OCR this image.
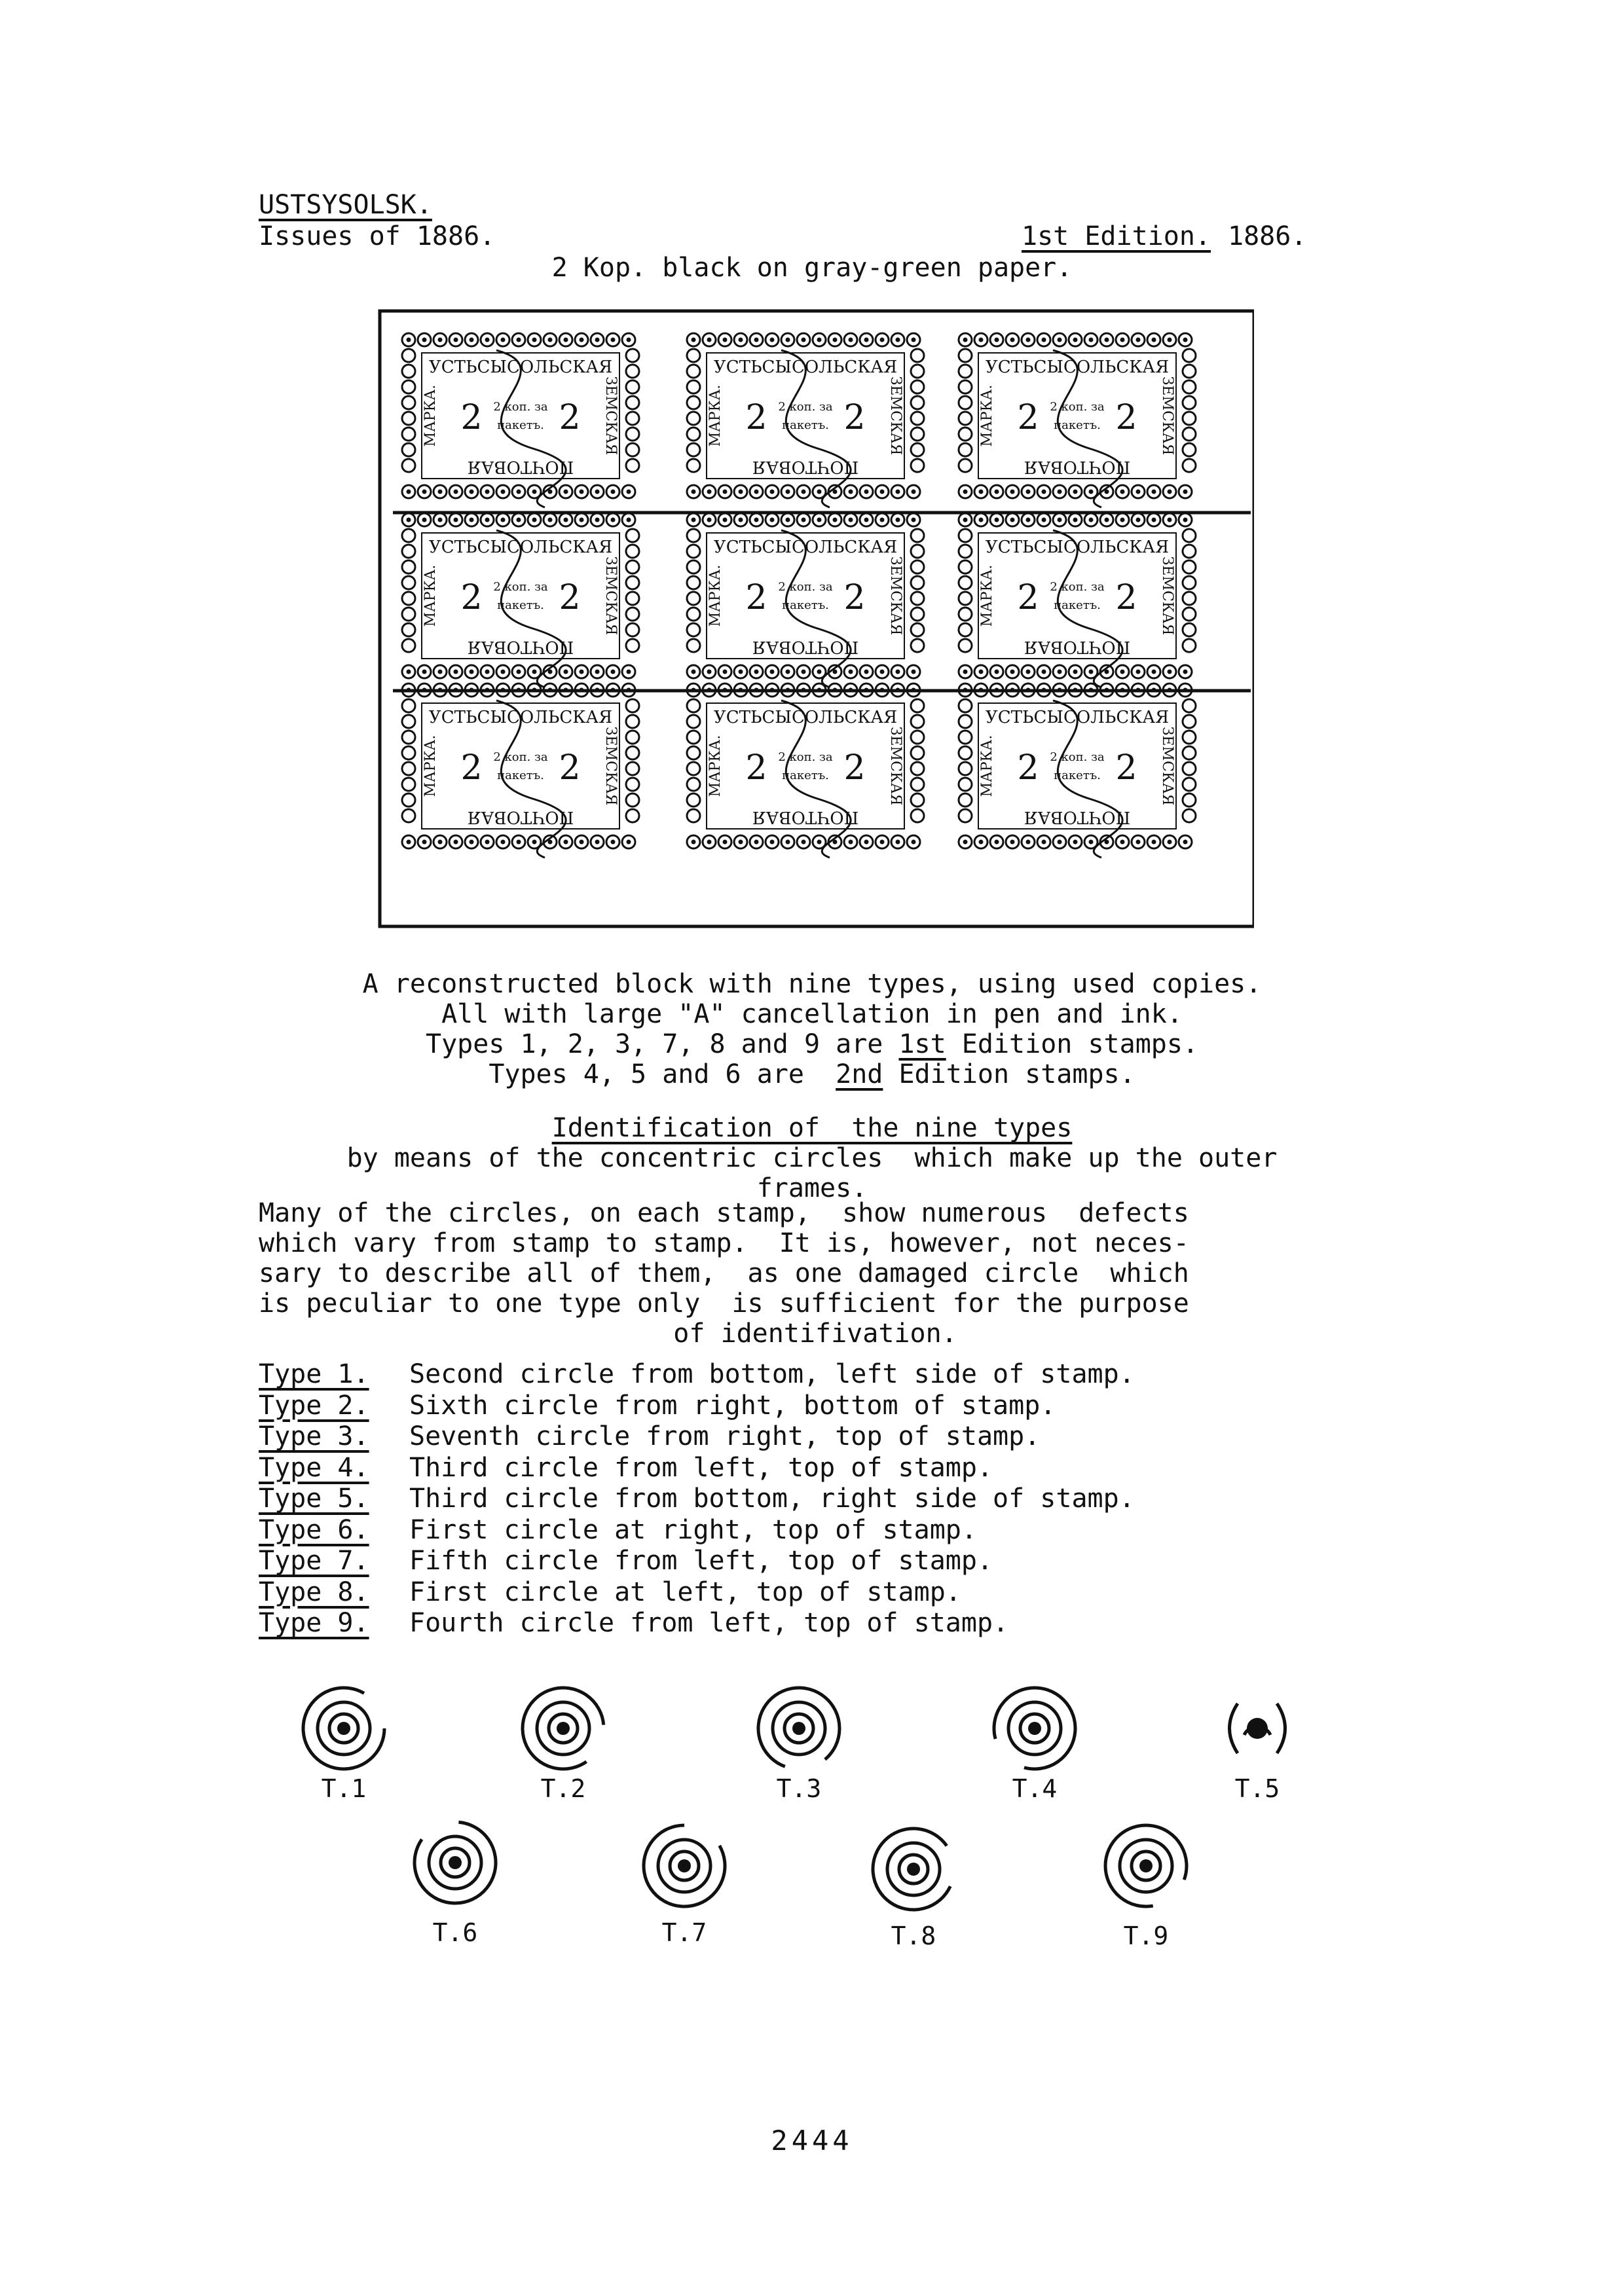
USTSYSOLSK.
Issues of 1886.	1st Edition. 1886.
2 Kop. black on gray-green paper.
УСТЬСЫСОЛЬСКАЯ
ПОЧТОВАЯ
МАРКА.	ЗЕМСКАЯ
2 2
2 коп. за
пакетъ.
УСТЬСЫСОЛЬСКАЯ
ПОЧТОВАЯ
МАРКА.	ЗЕМСКАЯ
2 2
2 коп. за
пакетъ.
УСТЬСЫСОЛЬСКАЯ
ПОЧТОВАЯ
МАРКА.	ЗЕМСКАЯ
2 2
2 коп. за
пакетъ.
УСТЬСЫСОЛЬСКАЯ
ПОЧТОВАЯ
МАРКА.	ЗЕМСКАЯ
2 2
2 коп. за
пакетъ.
УСТЬСЫСОЛЬСКАЯ
ПОЧТОВАЯ
МАРКА.	ЗЕМСКАЯ
2 2
2 коп. за
пакетъ.
УСТЬСЫСОЛЬСКАЯ
ПОЧТОВАЯ
МАРКА.	ЗЕМСКАЯ
2 2
2 коп. за
пакетъ.
УСТЬСЫСОЛЬСКАЯ
ПОЧТОВАЯ
МАРКА.	ЗЕМСКАЯ
2 2
2 коп. за
пакетъ.
УСТЬСЫСОЛЬСКАЯ
ПОЧТОВАЯ
МАРКА.	ЗЕМСКАЯ
2 2
2 коп. за
пакетъ.
УСТЬСЫСОЛЬСКАЯ
ПОЧТОВАЯ
МАРКА.	ЗЕМСКАЯ
2 2
2 коп. за
пакетъ.
A reconstructed block with nine types, using used copies.
All with large "A" cancellation in pen and ink.
Types 1, 2, 3, 7, 8 and 9 are 1st Edition stamps.
Types 4, 5 and 6 are  2nd Edition stamps.
Identification of  the nine types
by means of the concentric circles  which make up the outer
frames.
Many of the circles, on each stamp,  show numerous  defects
which vary from stamp to stamp.  It is, however, not neces-
sary to describe all of them,  as one damaged circle  which
is peculiar to one type only  is sufficient for the purpose
of identifivation.
Type 1.	Second circle from bottom, left side of stamp.
Type 2.	Sixth circle from right, bottom of stamp.
Type 3.	Seventh circle from right, top of stamp.
Type 4.	Third circle from left, top of stamp.
Type 5.	Third circle from bottom, right side of stamp.
Type 6.	First circle at right, top of stamp.
Type 7.	Fifth circle from left, top of stamp.
Type 8.	First circle at left, top of stamp.
Type 9.	Fourth circle from left, top of stamp.
T.1	T.2	T.3	T.4	T.5
T.6	T.7	T.8	T.9
2444
